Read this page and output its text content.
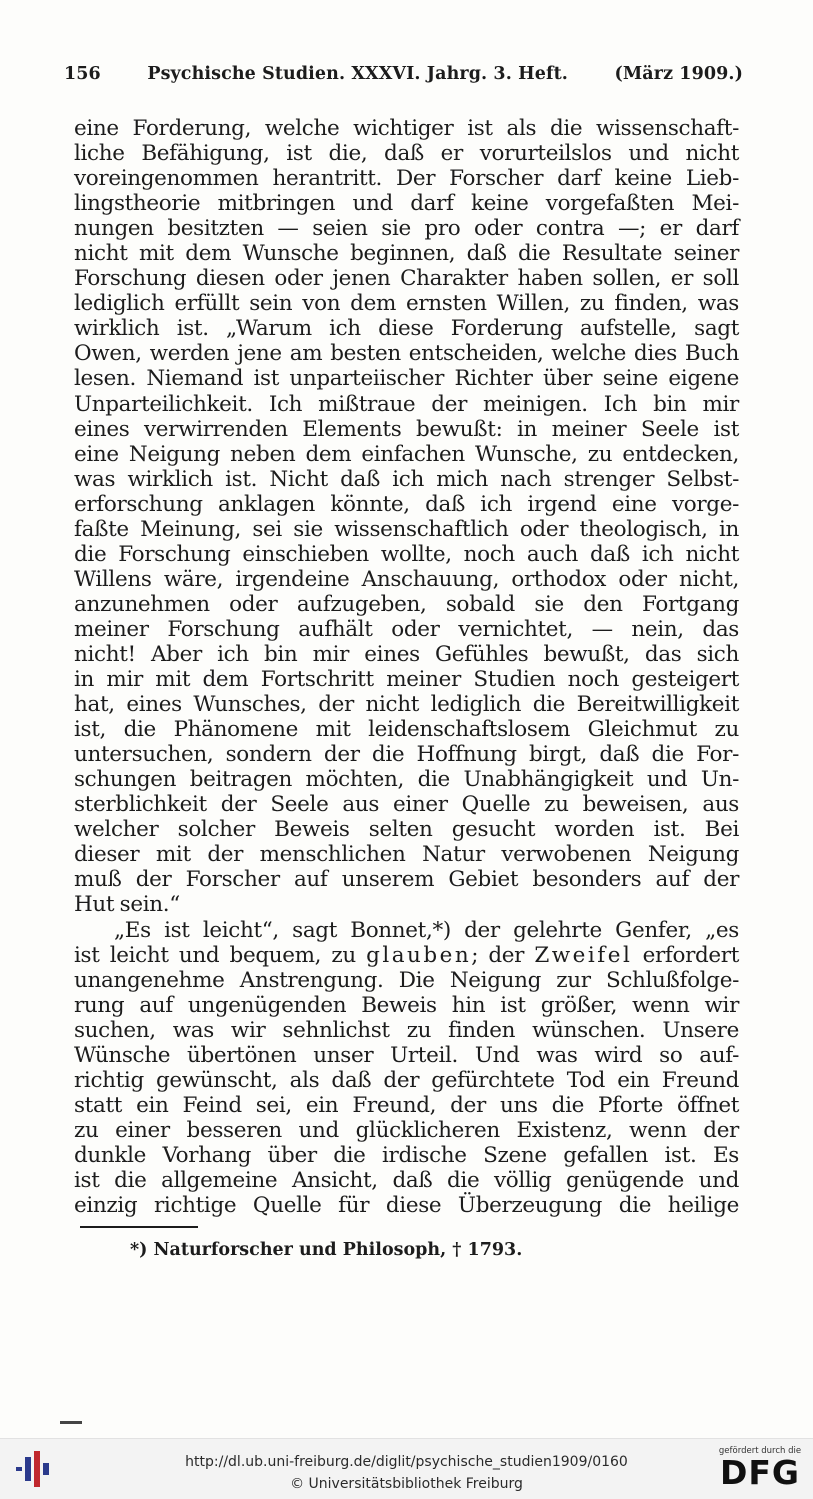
156	Psychische Studien. XXXVI. Jahrg. 3. Heft.	(März 1909.)
eine Forderung, welche wichtiger ist als die wissenschaft-
liche Befähigung, ist die, daß er vorurteilslos und nicht
voreingenommen herantritt. Der Forscher darf keine Lieb-
lingstheorie mitbringen und darf keine vorgefaßten Mei-
nungen besitzten — seien sie pro oder contra —; er darf
nicht mit dem Wunsche beginnen, daß die Resultate seiner
Forschung diesen oder jenen Charakter haben sollen, er soll
lediglich erfüllt sein von dem ernsten Willen, zu finden, was
wirklich ist. „Warum ich diese Forderung aufstelle, sagt
Owen, werden jene am besten entscheiden, welche dies Buch
lesen. Niemand ist unparteiischer Richter über seine eigene
Unparteilichkeit. Ich mißtraue der meinigen. Ich bin mir
eines verwirrenden Elements bewußt: in meiner Seele ist
eine Neigung neben dem einfachen Wunsche, zu entdecken,
was wirklich ist. Nicht daß ich mich nach strenger Selbst-
erforschung anklagen könnte, daß ich irgend eine vorge-
faßte Meinung, sei sie wissenschaftlich oder theologisch, in
die Forschung einschieben wollte, noch auch daß ich nicht
Willens wäre, irgendeine Anschauung, orthodox oder nicht,
anzunehmen oder aufzugeben, sobald sie den Fortgang
meiner Forschung aufhält oder vernichtet, — nein, das
nicht! Aber ich bin mir eines Gefühles bewußt, das sich
in mir mit dem Fortschritt meiner Studien noch gesteigert
hat, eines Wunsches, der nicht lediglich die Bereitwilligkeit
ist, die Phänomene mit leidenschaftslosem Gleichmut zu
untersuchen, sondern der die Hoffnung birgt, daß die For-
schungen beitragen möchten, die Unabhängigkeit und Un-
sterblichkeit der Seele aus einer Quelle zu beweisen, aus
welcher solcher Beweis selten gesucht worden ist. Bei
dieser mit der menschlichen Natur verwobenen Neigung
muß der Forscher auf unserem Gebiet besonders auf der
Hut sein.“
„Es ist leicht“, sagt Bonnet,*) der gelehrte Genfer, „es
ist leicht und bequem, zu glauben; der Zweifel erfordert
unangenehme Anstrengung. Die Neigung zur Schlußfolge-
rung auf ungenügenden Beweis hin ist größer, wenn wir
suchen, was wir sehnlichst zu finden wünschen. Unsere
Wünsche übertönen unser Urteil. Und was wird so auf-
richtig gewünscht, als daß der gefürchtete Tod ein Freund
statt ein Feind sei, ein Freund, der uns die Pforte öffnet
zu einer besseren und glücklicheren Existenz, wenn der
dunkle Vorhang über die irdische Szene gefallen ist. Es
ist die allgemeine Ansicht, daß die völlig genügende und
einzig richtige Quelle für diese Überzeugung die heilige
*) Naturforscher und Philosoph, † 1793.
http://dl.ub.uni-freiburg.de/diglit/psychische_studien1909/0160
© Universitätsbibliothek Freiburg
gefördert durch die
DFG
